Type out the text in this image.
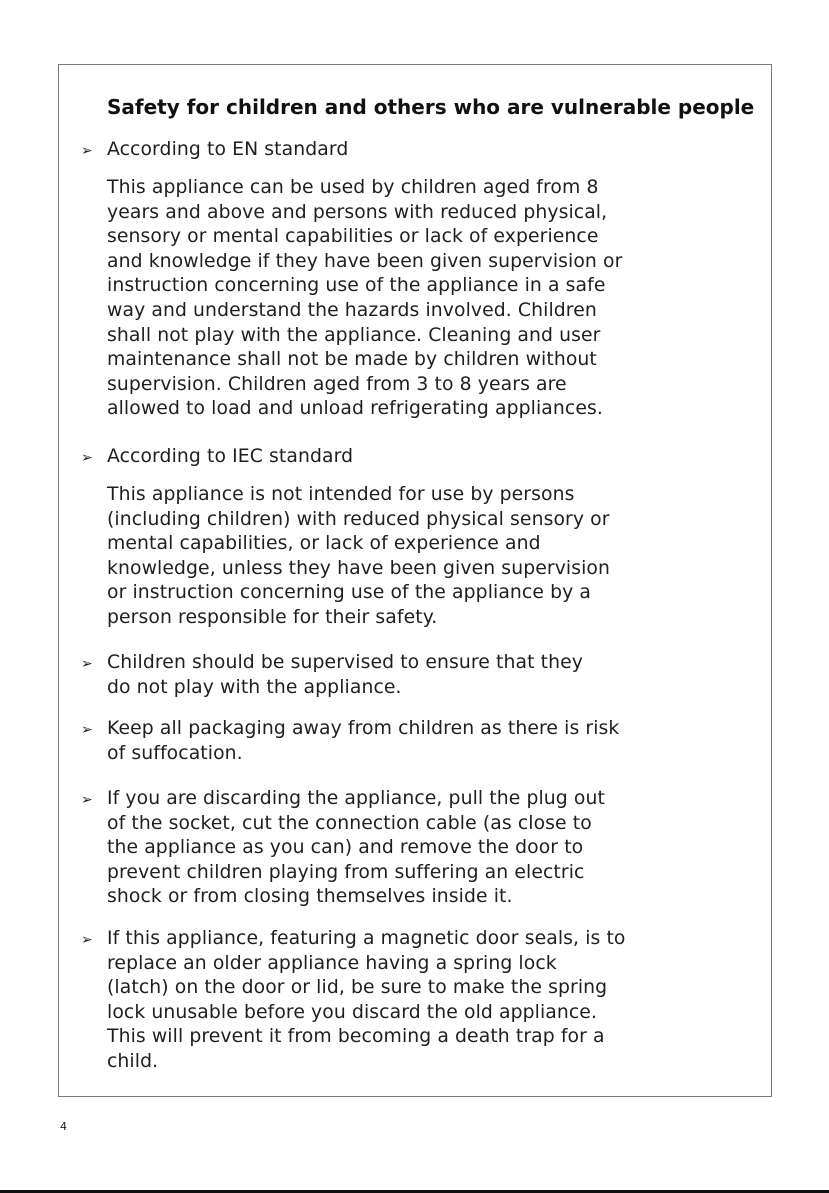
Safety for children and others who are vulnerable people
➢ According to EN standard

This appliance can be used by children aged from 8
years and above and persons with reduced physical,
sensory or mental capabilities or lack of experience
and knowledge if they have been given supervision or
instruction concerning use of the appliance in a safe
way and understand the hazards involved. Children
shall not play with the appliance. Cleaning and user
maintenance shall not be made by children without
supervision. Children aged from 3 to 8 years are
allowed to load and unload refrigerating appliances.

➢ According to IEC standard

This appliance is not intended for use by persons
(including children) with reduced physical sensory or
mental capabilities, or lack of experience and
knowledge, unless they have been given supervision
or instruction concerning use of the appliance by a
person responsible for their safety.

➢ Children should be supervised to ensure that they
do not play with the appliance.

➢ Keep all packaging away from children as there is risk
of suffocation.

➢ If you are discarding the appliance, pull the plug out
of the socket, cut the connection cable (as close to
the appliance as you can) and remove the door to
prevent children playing from suffering an electric
shock or from closing themselves inside it.

➢ If this appliance, featuring a magnetic door seals, is to
replace an older appliance having a spring lock
(latch) on the door or lid, be sure to make the spring
lock unusable before you discard the old appliance.
This will prevent it from becoming a death trap for a
child.

4
